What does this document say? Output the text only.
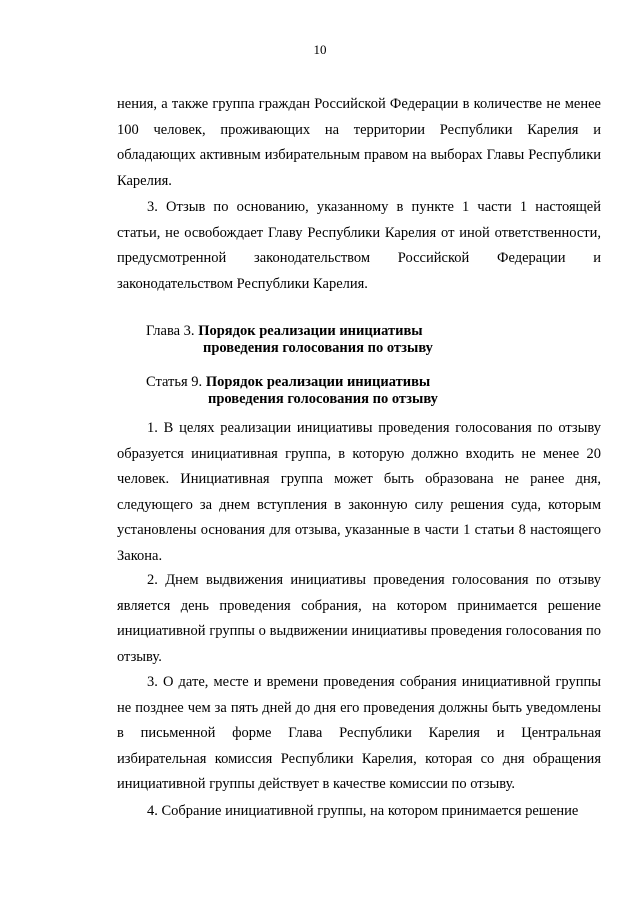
10

нения, а также группа граждан Российской Федерации в количестве не менее 100 человек, проживающих на территории Республики Карелия и обладающих активным избирательным правом на выборах Главы Республики Карелия.

3. Отзыв по основанию, указанному в пункте 1 части 1 настоящей статьи, не освобождает Главу Республики Карелия от иной ответственности, предусмотренной законодательством Российской Федерации и законодательством Республики Карелия.

Глава 3. Порядок реализации инициативы
проведения голосования по отзыву
Статья 9. Порядок реализации инициативы
проведения голосования по отзыву

1. В целях реализации инициативы проведения голосования по отзыву образуется инициативная группа, в которую должно входить не менее 20 человек. Инициативная группа может быть образована не ранее дня, следующего за днем вступления в законную силу решения суда, которым установлены основания для отзыва, указанные в части 1 статьи 8 настоящего Закона.

2. Днем выдвижения инициативы проведения голосования по отзыву является день проведения собрания, на котором принимается решение инициативной группы о выдвижении инициативы проведения голосования по отзыву.

3. О дате, месте и времени проведения собрания инициативной группы не позднее чем за пять дней до дня его проведения должны быть уведомлены в письменной форме Глава Республики Карелия и Центральная избирательная комиссия Республики Карелия, которая со дня обращения инициативной группы действует в качестве комиссии по отзыву.

4. Собрание инициативной группы, на котором принимается решение
